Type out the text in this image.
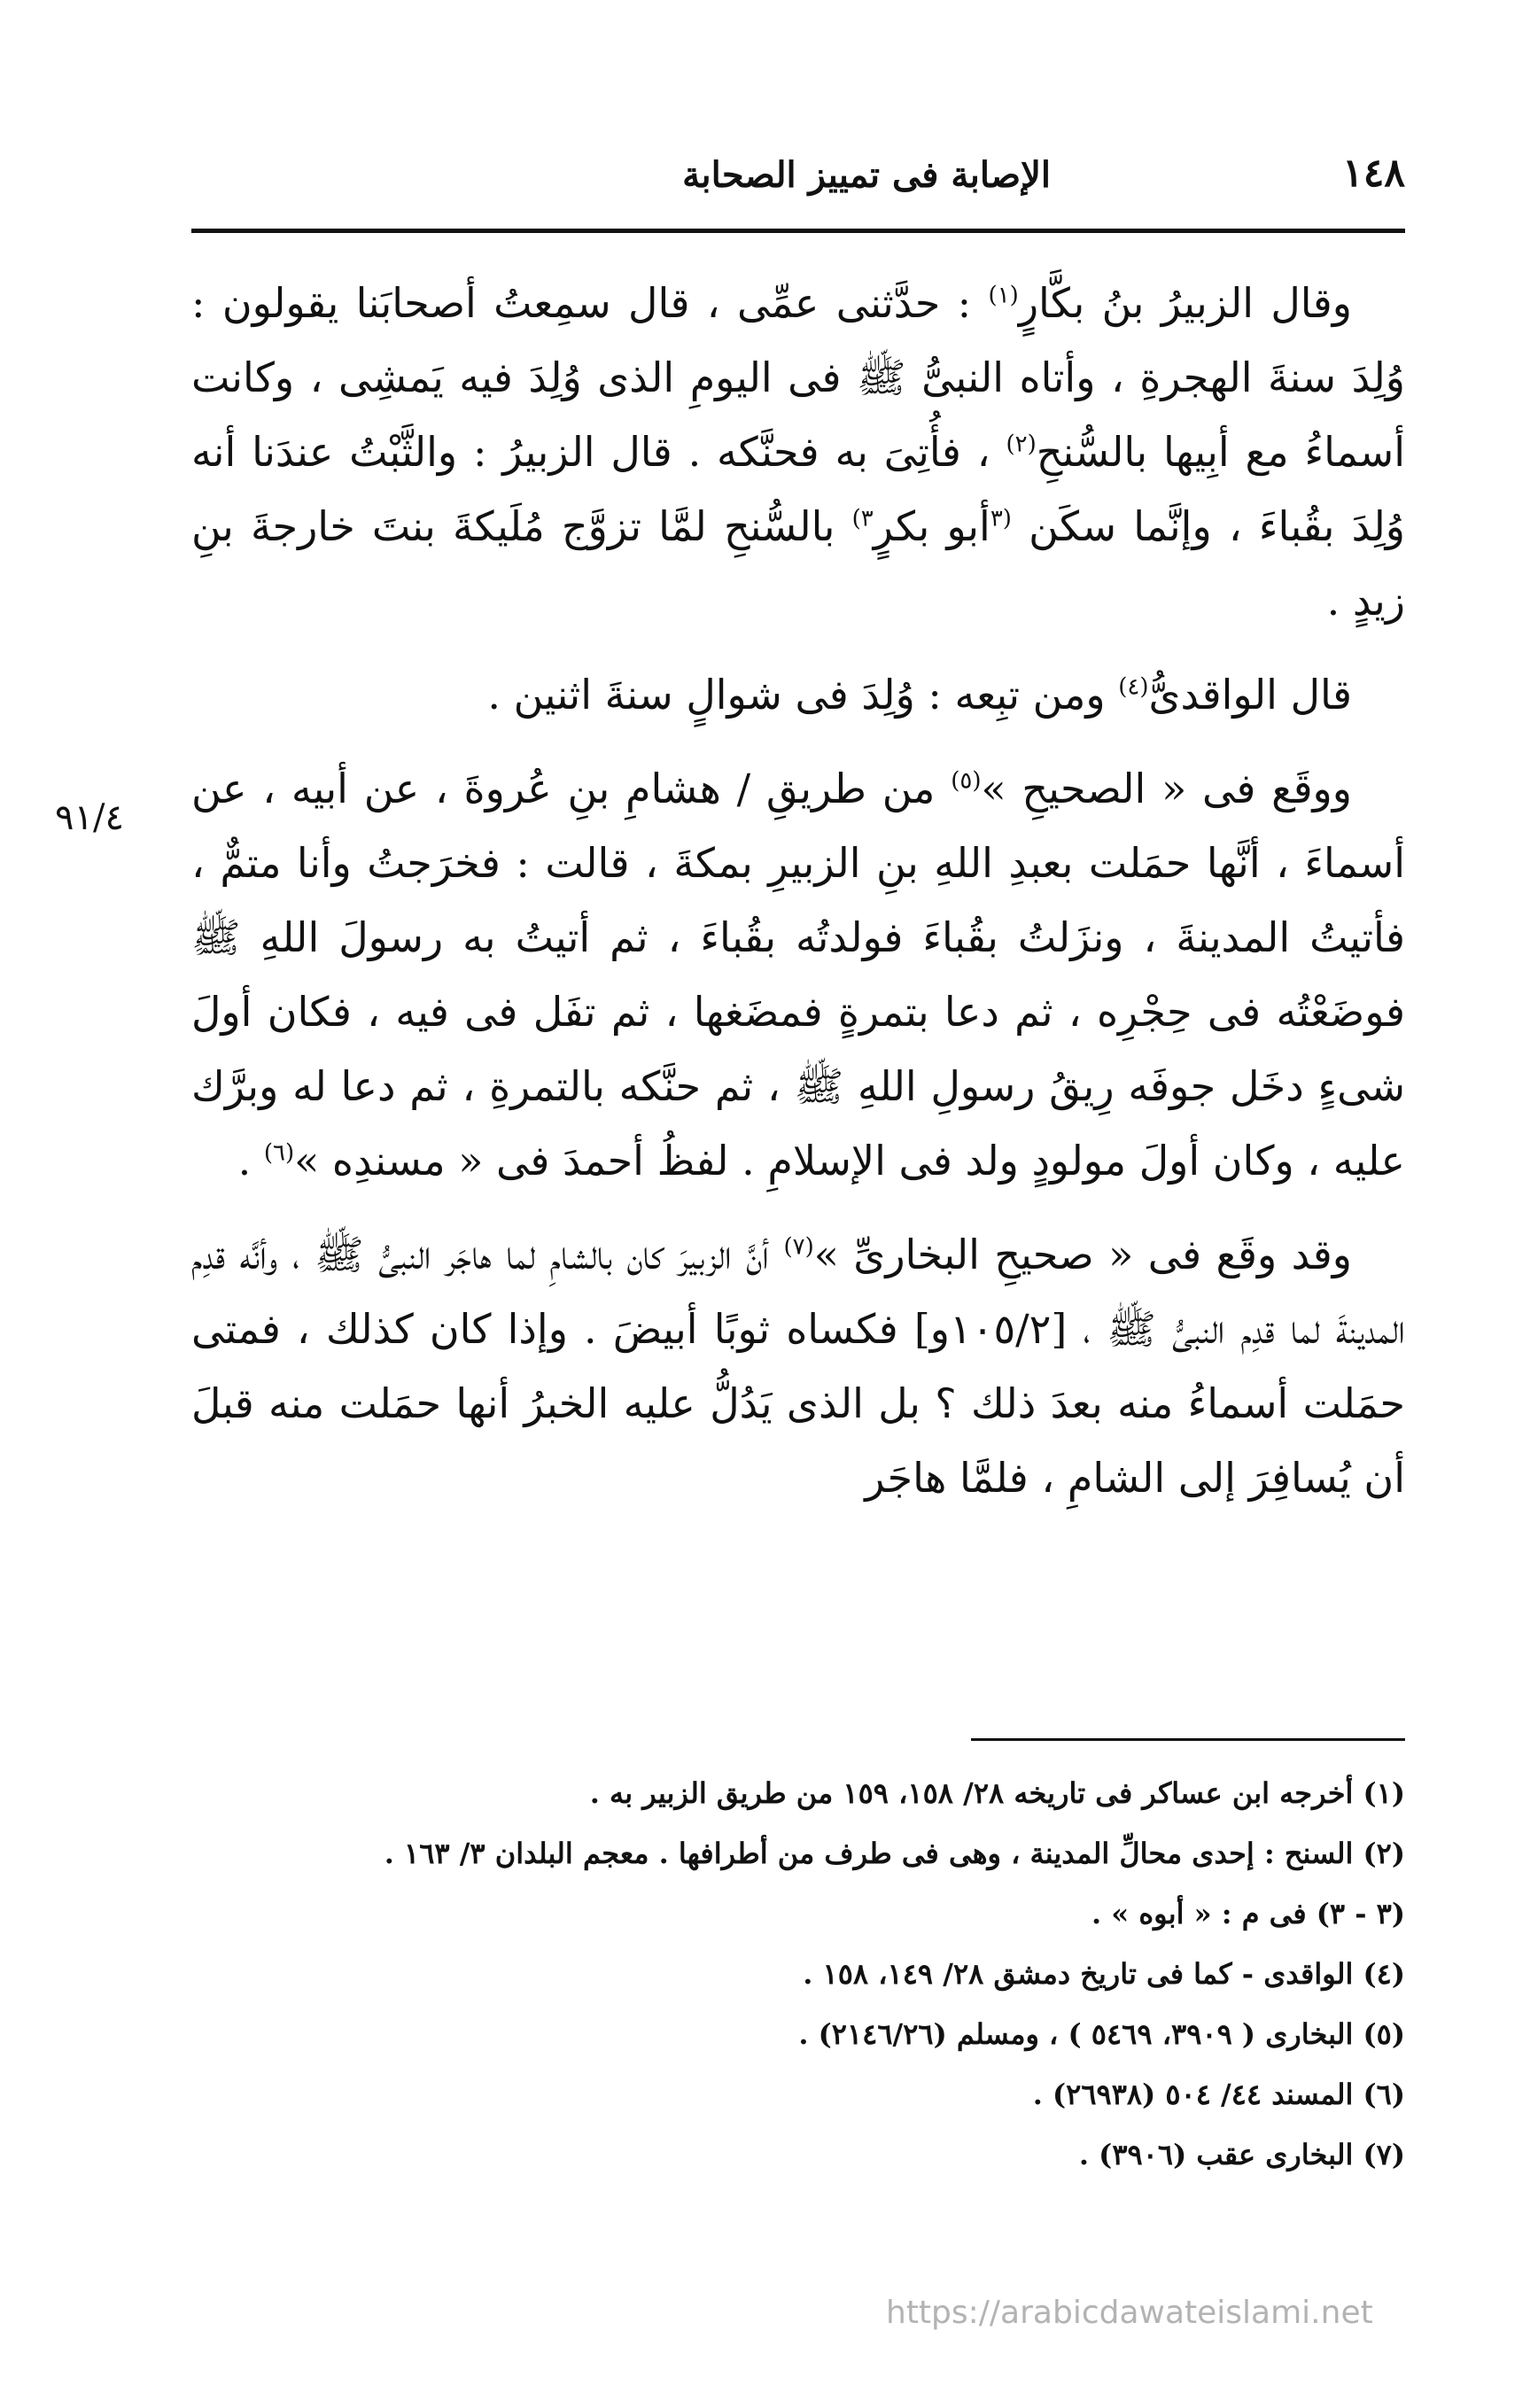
١٤٨
الإصابة فى تمييز الصحابة
٩١/٤

وقال الزبيرُ بنُ بكَّارٍ$^{(١)}$ : حدَّثنى عمِّى ، قال سمِعتُ أصحابَنا يقولون : وُلِدَ سنةَ الهجرةِ ، وأتاه النبىُّ ﷺ فى اليومِ الذى وُلِدَ فيه يَمشِى ، وكانت أسماءُ مع أبِيها بالسُّنحِ$^{(٢)}$ ، فأُتِىَ به فحنَّكه . قال الزبيرُ : والثَّبْتُ عندَنا أنه وُلِدَ بقُباءَ ، وإنَّما سكَن $^{(٣}$أبو بكرٍ$^{٣)}$ بالسُّنحِ لمَّا تزوَّج مُلَيكةَ بنتَ خارجةَ بنِ زيدٍ .

قال الواقدىُّ$^{(٤)}$ ومن تبِعه : وُلِدَ فى شوالٍ سنةَ اثنين .

ووقَع فى « الصحيحِ »$^{(٥)}$ من طريقِ / هشامِ بنِ عُروةَ ، عن أبيه ، عن أسماءَ ، أنَّها حمَلت بعبدِ اللهِ بنِ الزبيرِ بمكةَ ، قالت : فخرَجتُ وأنا متمٌّ ، فأتيتُ المدينةَ ، ونزَلتُ بقُباءَ فولدتُه بقُباءَ ، ثم أتيتُ به رسولَ اللهِ ﷺ فوضَعْتُه فى حِجْرِه ، ثم دعا بتمرةٍ فمضَغها ، ثم تفَل فى فيه ، فكان أولَ شىءٍ دخَل جوفَه رِيقُ رسولِ اللهِ ﷺ ، ثم حنَّكه بالتمرةِ ، ثم دعا له وبرَّك عليه ، وكان أولَ مولودٍ ولد فى الإسلامِ . لفظُ أحمدَ فى « مسندِه »$^{(٦)}$ .

وقد وقَع فى « صحيحِ البخارىِّ »$^{(٧)}$ أنَّ الزبيرَ كان بالشامِ لما هاجَر النبىُّ ﷺ ، وأنَّه قدِم المدينةَ لما قدِم النبىُّ ﷺ ، [١٠٥/٢و] فكساه ثوبًا أبيضَ . وإذا كان كذلك ، فمتى حمَلت أسماءُ منه بعدَ ذلك ؟ بل الذى يَدُلُّ عليه الخبرُ أنها حمَلت منه قبلَ أن يُسافِرَ إلى الشامِ ، فلمَّا هاجَر

(١) أخرجه ابن عساكر فى تاريخه ٢٨/ ١٥٨، ١٥٩ من طريق الزبير به .

(٢) السنح : إحدى محالِّ المدينة ، وهى فى طرف من أطرافها . معجم البلدان ٣/ ١٦٣ .

(٣ - ٣) فى م : « أبوه » .

(٤) الواقدى - كما فى تاريخ دمشق ٢٨/ ١٤٩، ١٥٨ .

(٥) البخارى ( ٣٩٠٩، ٥٤٦٩ ) ، ومسلم (٢١٤٦/٢٦) .

(٦) المسند ٤٤/ ٥٠٤ (٢٦٩٣٨) .

(٧) البخارى عقب (٣٩٠٦) .

https://arabicdawateislami.net
